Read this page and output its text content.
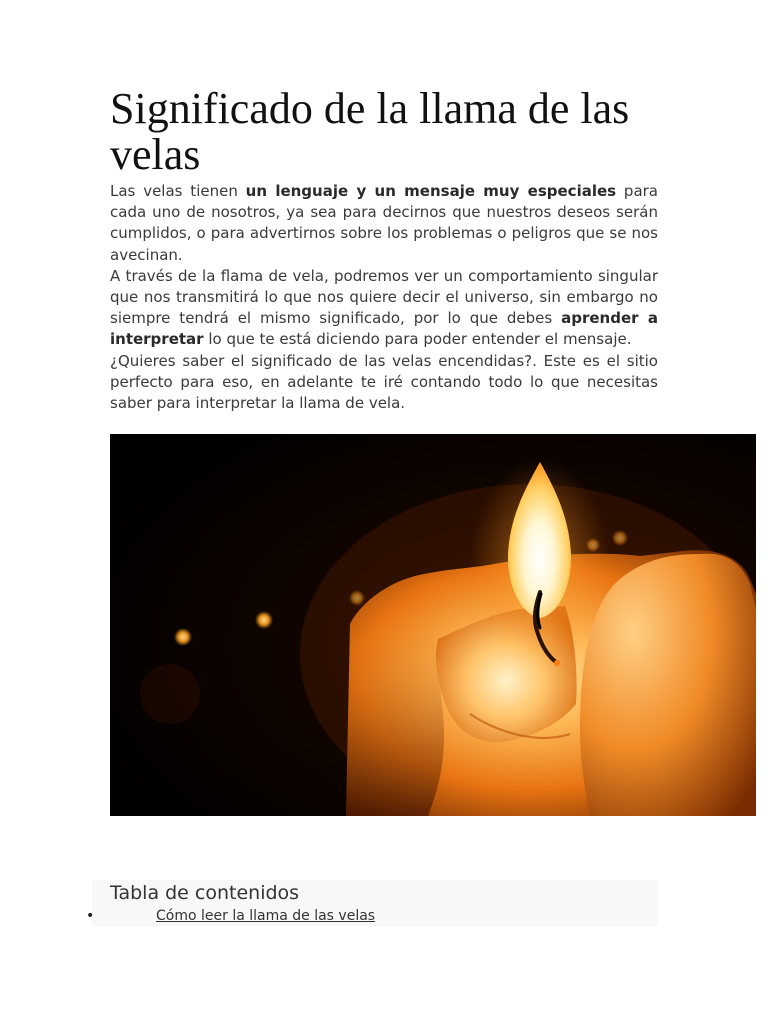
Significado de la llama de las velas

Las velas tienen un lenguaje y un mensaje muy especiales para cada uno de nosotros, ya sea para decirnos que nuestros deseos serán cumplidos, o para advertirnos sobre los problemas o peligros que se nos avecinan.

A través de la flama de vela, podremos ver un comportamiento singular que nos transmitirá lo que nos quiere decir el universo, sin embargo no siempre tendrá el mismo significado, por lo que debes aprender a interpretar lo que te está diciendo para poder entender el mensaje.

¿Quieres saber el significado de las velas encendidas?. Este es el sitio perfecto para eso, en adelante te iré contando todo lo que necesitas saber para interpretar la llama de vela.

Tabla de contenidos
•	Cómo leer la llama de las velas
